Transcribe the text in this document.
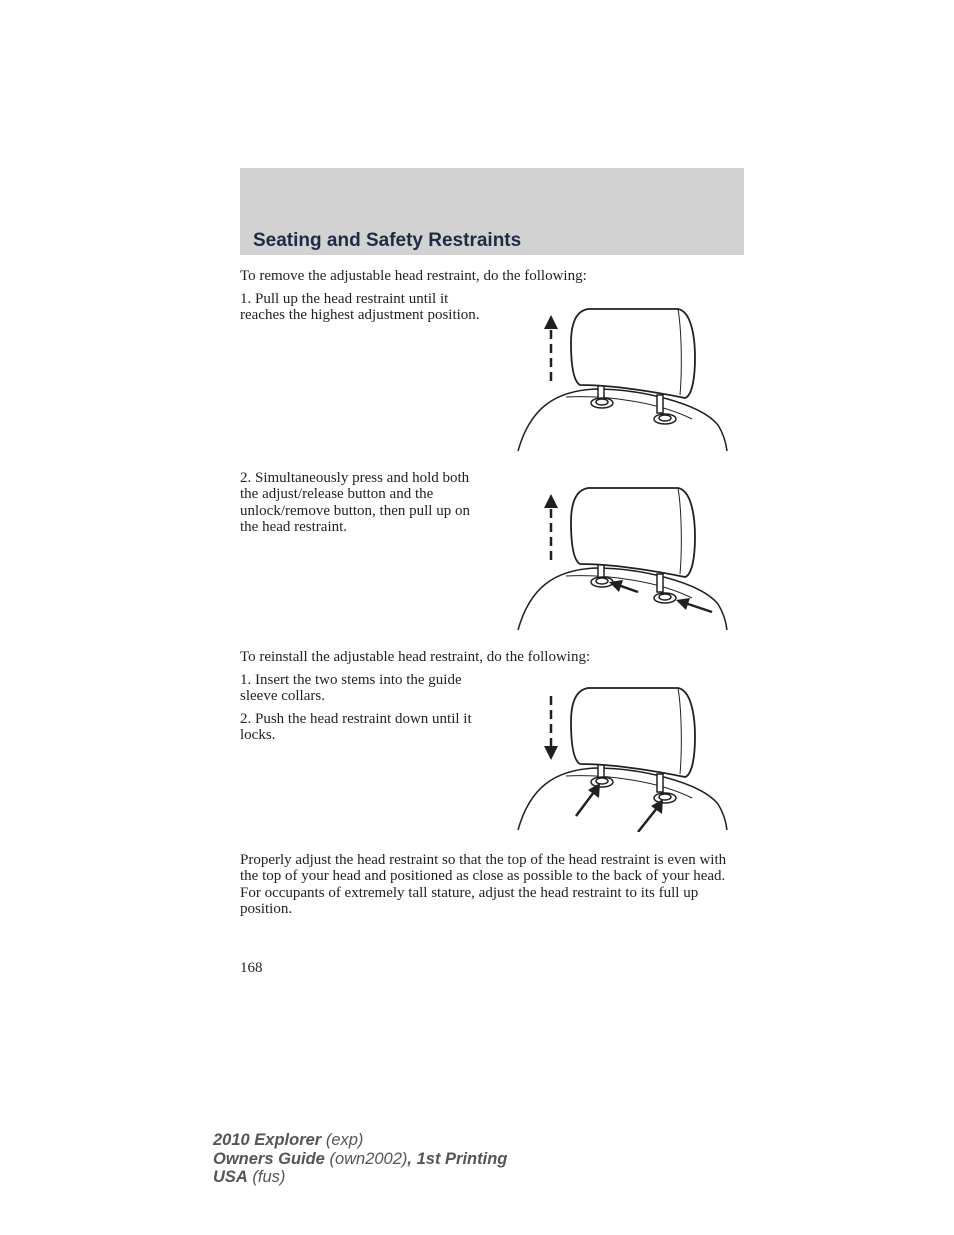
Seating and Safety Restraints

To remove the adjustable head restraint, do the following:

1. Pull up the head restraint until it reaches the highest adjustment position.

2. Simultaneously press and hold both the adjust/release button and the unlock/remove button, then pull up on the head restraint.

To reinstall the adjustable head restraint, do the following:

1. Insert the two stems into the guide sleeve collars.

2. Push the head restraint down until it locks.

Properly adjust the head restraint so that the top of the head restraint is even with the top of your head and positioned as close as possible to the back of your head. For occupants of extremely tall stature, adjust the head restraint to its full up position.

168
2010 Explorer (exp)
Owners Guide (own2002), 1st Printing
USA (fus)
